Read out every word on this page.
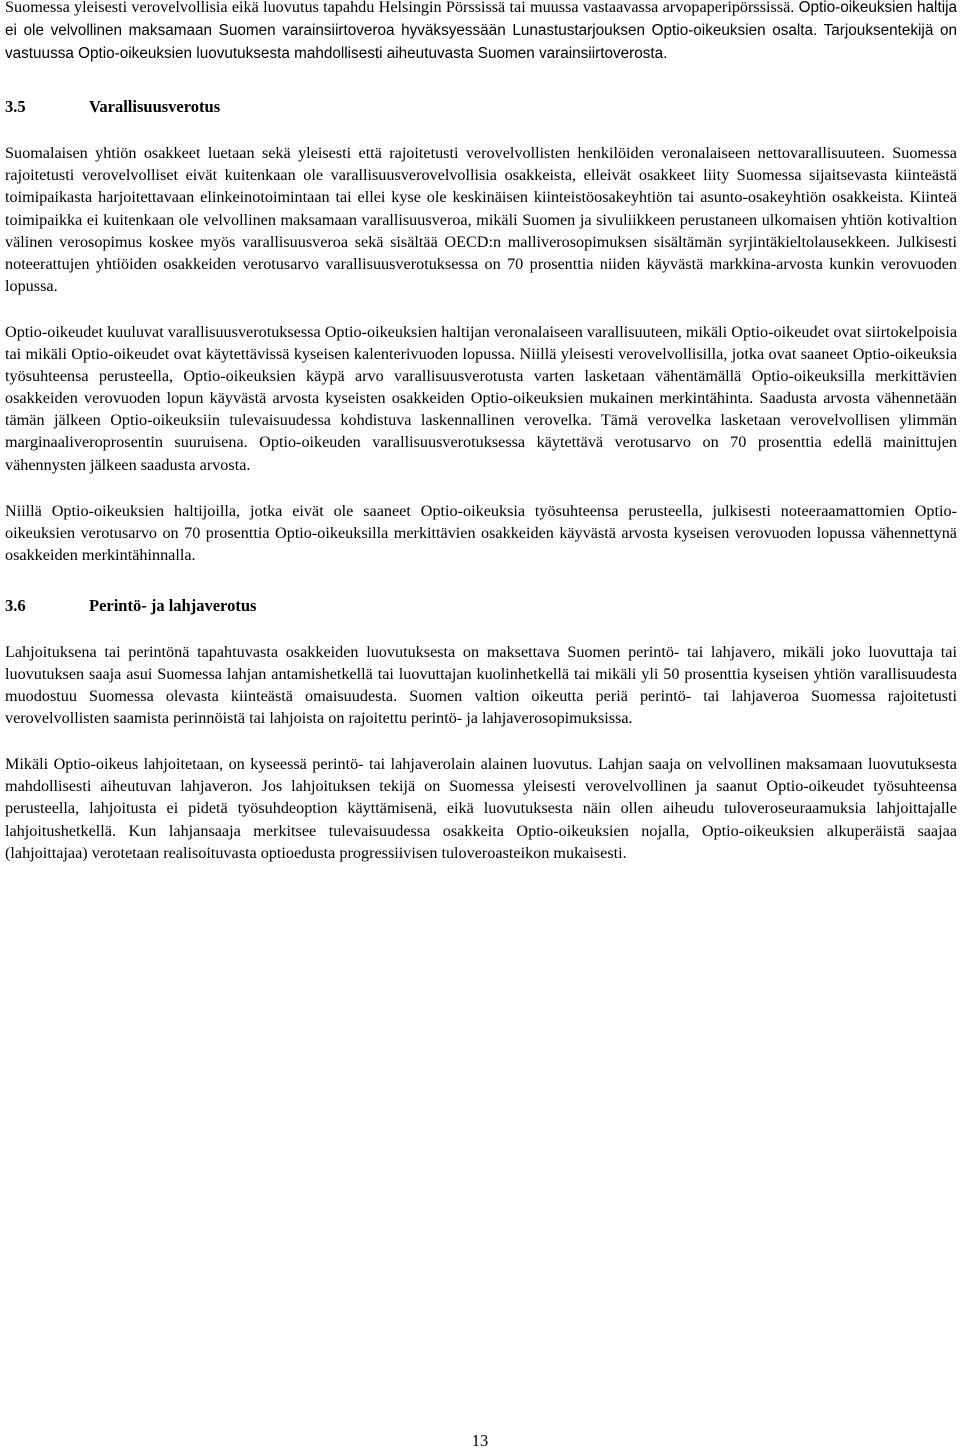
Suomessa yleisesti verovelvollisia eikä luovutus tapahdu Helsingin Pörssissä tai muussa vastaavassa arvopaperipörssissä. Optio-oikeuksien haltija ei ole velvollinen maksamaan Suomen varainsiirtoveroa hyväksyessään Lunastustarjouksen Optio-oikeuksien osalta. Tarjouksentekijä on vastuussa Optio-oikeuksien luovutuksesta mahdollisesti aiheutuvasta Suomen varainsiirtoverosta.

3.5	Varallisuusverotus

Suomalaisen yhtiön osakkeet luetaan sekä yleisesti että rajoitetusti verovelvollisten henkilöiden veronalaiseen nettovarallisuuteen. Suomessa rajoitetusti verovelvolliset eivät kuitenkaan ole varallisuusverovelvollisia osakkeista, elleivät osakkeet liity Suomessa sijaitsevasta kiinteästä toimipaikasta harjoitettavaan elinkeinotoimintaan tai ellei kyse ole keskinäisen kiinteistöosakeyhtiön tai asunto-osakeyhtiön osakkeista. Kiinteä toimipaikka ei kuitenkaan ole velvollinen maksamaan varallisuusveroa, mikäli Suomen ja sivuliikkeen perustaneen ulkomaisen yhtiön kotivaltion välinen verosopimus koskee myös varallisuusveroa sekä sisältää OECD:n malliverosopimuksen sisältämän syrjintäkieltolausekkeen. Julkisesti noteerattujen yhtiöiden osakkeiden verotusarvo varallisuusverotuksessa on 70 prosenttia niiden käyvästä markkina-arvosta kunkin verovuoden lopussa.

Optio-oikeudet kuuluvat varallisuusverotuksessa Optio-oikeuksien haltijan veronalaiseen varallisuuteen, mikäli Optio-oikeudet ovat siirtokelpoisia tai mikäli Optio-oikeudet ovat käytettävissä kyseisen kalenterivuoden lopussa. Niillä yleisesti verovelvollisilla, jotka ovat saaneet Optio-oikeuksia työsuhteensa perusteella, Optio-oikeuksien käypä arvo varallisuusverotusta varten lasketaan vähentämällä Optio-oikeuksilla merkittävien osakkeiden verovuoden lopun käyvästä arvosta kyseisten osakkeiden Optio-oikeuksien mukainen merkintähinta. Saadusta arvosta vähennetään tämän jälkeen Optio-oikeuksiin tulevaisuudessa kohdistuva laskennallinen verovelka. Tämä verovelka lasketaan verovelvollisen ylimmän marginaaliveroprosentin suuruisena. Optio-oikeuden varallisuusverotuksessa käytettävä verotusarvo on 70 prosenttia edellä mainittujen vähennysten jälkeen saadusta arvosta.

Niillä Optio-oikeuksien haltijoilla, jotka eivät ole saaneet Optio-oikeuksia työsuhteensa perusteella, julkisesti noteeraamattomien Optio-oikeuksien verotusarvo on 70 prosenttia Optio-oikeuksilla merkittävien osakkeiden käyvästä arvosta kyseisen verovuoden lopussa vähennettynä osakkeiden merkintähinnalla.

3.6	Perintö- ja lahjaverotus

Lahjoituksena tai perintönä tapahtuvasta osakkeiden luovutuksesta on maksettava Suomen perintö- tai lahjavero, mikäli joko luovuttaja tai luovutuksen saaja asui Suomessa lahjan antamishetkellä tai luovuttajan kuolinhetkellä tai mikäli yli 50 prosenttia kyseisen yhtiön varallisuudesta muodostuu Suomessa olevasta kiinteästä omaisuudesta. Suomen valtion oikeutta periä perintö- tai lahjaveroa Suomessa rajoitetusti verovelvollisten saamista perinnöistä tai lahjoista on rajoitettu perintö- ja lahjaverosopimuksissa.

Mikäli Optio-oikeus lahjoitetaan, on kyseessä perintö- tai lahjaverolain alainen luovutus. Lahjan saaja on velvollinen maksamaan luovutuksesta mahdollisesti aiheutuvan lahjaveron. Jos lahjoituksen tekijä on Suomessa yleisesti verovelvollinen ja saanut Optio-oikeudet työsuhteensa perusteella, lahjoitusta ei pidetä työsuhdeoption käyttämisenä, eikä luovutuksesta näin ollen aiheudu tuloveroseuraamuksia lahjoittajalle lahjoitushetkellä. Kun lahjansaaja merkitsee tulevaisuudessa osakkeita Optio-oikeuksien nojalla, Optio-oikeuksien alkuperäistä saajaa (lahjoittajaa) verotetaan realisoituvasta optioedusta progressiivisen tuloveroasteikon mukaisesti.

13
